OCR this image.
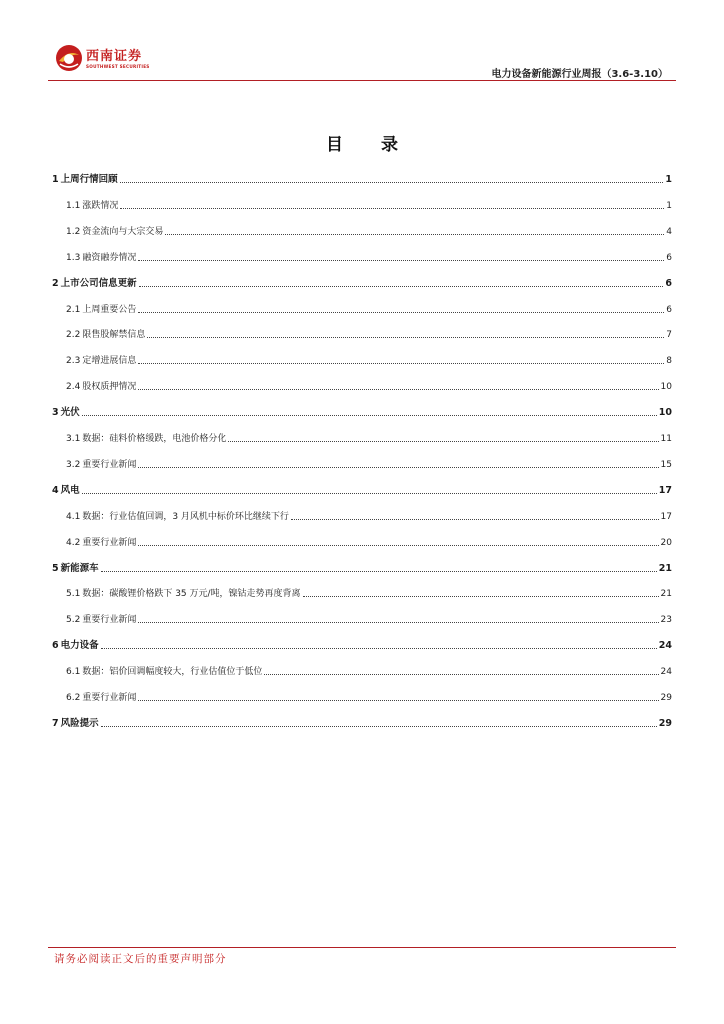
西南证券
SOUTHWEST SECURITIES
电力设备新能源行业周报（3.6-3.10）
目 录
1 上周行情回顾	1
1.1 涨跌情况	1
1.2 资金流向与大宗交易	4
1.3 融资融券情况	6
2 上市公司信息更新	6
2.1 上周重要公告	6
2.2 限售股解禁信息	7
2.3 定增进展信息	8
2.4 股权质押情况	10
3 光伏	10
3.1 数据：硅料价格缓跌，电池价格分化	11
3.2 重要行业新闻	15
4 风电	17
4.1 数据：行业估值回调，3 月风机中标价环比继续下行	17
4.2 重要行业新闻	20
5 新能源车	21
5.1 数据：碳酸锂价格跌下 35 万元/吨，镍钴走势再度背离	21
5.2 重要行业新闻	23
6 电力设备	24
6.1 数据：铝价回调幅度较大，行业估值位于低位	24
6.2 重要行业新闻	29
7 风险提示	29
请务必阅读正文后的重要声明部分
